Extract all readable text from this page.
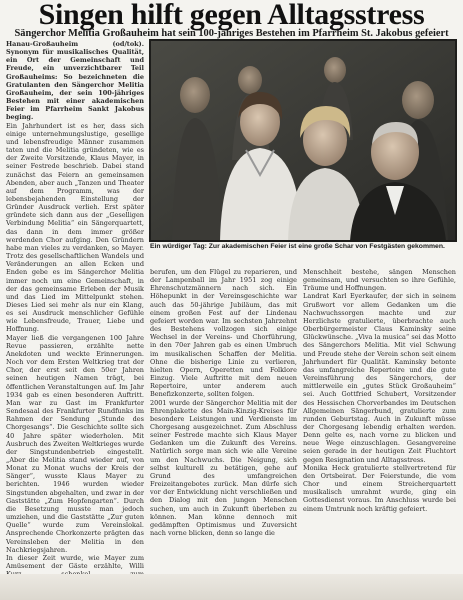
Singen hilft gegen Alltagsstress
Sängerchor Melitia Großauheim hat sein 100-jähriges Bestehen im Pfarrheim St. Jakobus gefeiert

Hanau-Großauheim (od/tok). Synonym für musikalisches Qualität, ein Ort der Gemeinschaft und Freude, ein unverzichtbarer Teil Großauheims: So bezeichneten die Gratulanten den Sängerchor Melitia Großauheim, der sein 100-jähriges Bestehen mit einer akademischen Feier im Pfarrheim Sankt Jakobus beging.

Ein Jahrhundert ist es her, dass sich einige unternehmungslustige, gesellige und lebensfreudige Männer zusammen taten und die Melitia gründeten, wie es der Zweite Vorsitzende, Klaus Mayer, in seiner Festrede beschrieb. Dabei stand zunächst das Feiern an gemeinsamen Abenden, aber auch „Tanzen und Theater auf dem Programm, was der lebensbejahenden Einstellung der Gründer Ausdruck verlieh. Erst später gründete sich dann aus der „Geselligen Verbindung Melitia“ ein Sängerquartett, das dann in dem immer größer werdenden Chor aufging. Den Gründern habe man vieles zu verdanken, so Mayer. Trotz des gesellschaftlichen Wandels und Veränderungen an allen Ecken und Enden gebe es im Sängerchor Melitia immer noch um eine Gemeinschaft, in der das gemeinsame Erleben der Musik und das Lied im Mittelpunkt stehen. Dieses Lied sei mehr als nur ein Klang, es sei Ausdruck menschlicher Gefühle wie Lebensfreude, Trauer, Liebe und Hoffnung.

Mayer ließ die vergangenen 100 Jahre Revue passieren, erzählte nette Anekdoten und weckte Erinnerungen. Noch vor dem Ersten Weltkrieg trat der Chor, der erst seit den 50er Jahren seinen heutigen Namen trägt, bei öffentlichen Veranstaltungen auf. Im Jahr 1934 gab es einen besonderen Auftritt. Man war zu Gast im Frankfurter Sendesaal des Frankfurter Rundfunks im Rahmen der Sendung „Stunde des Chorgesangs“. Die Geschichte sollte sich 40 Jahre später wiederholen. Mit Ausbruch des Zweiten Weltkrieges wurde der Singstundenbetrieb eingestellt. „Aber die Melitia stand wieder auf, von Monat zu Monat wuchs der Kreis der Sänger“, wusste Klaus Mayer zu berichten. 1946 wurden wieder Singstunden abgehalten, und zwar in der Gaststätte „Zum Hopfengarten“. Durch die Besetzung musste man jedoch umziehen, und die Gaststätte „Zur guten Quelle“ wurde zum Vereinslokal. Ansprechende Chorkonzerte prägten das Vereinsleben der Melitia in den Nachkriegsjahren.

In dieser Zeit wurde, wie Mayer zum Amüsement der Gäste erzählte, Willi

Ein würdiger Tag: Zur akademischen Feier ist eine große Schar von Festgästen gekommen.

berufen, um den Flügel zu reparieren, und der Lampenball im Jahr 1951 zog einige Ehrenschutzmännern nach sich. Ein Höhepunkt in der Vereinsgeschichte war auch das 50-jährige Jubiläum, das mit einem großen Fest auf der Lindenau gefeiert worden war. Im sechsten Jahrzehnt des Bestehens vollzogen sich einige Wechsel in der Vereins- und Chorführung, in den 70er Jahren gab es einen Umbruch im musikalischen Schaffen der Melitia. Ohne die bisherige Linie zu verlieren, hielten Opern, Operetten und Folklore Einzug. Viele Auftritte mit dem neuen Repertoire, unter anderem auch Benefizkonzerte, sollten folgen.

2001 wurde der Sängerchor Melitia mit der Ehrenplakette des Main-Kinzig-Kreises für besondere Leistungen und Verdienste im Chorgesang ausgezeichnet. Zum Abschluss seiner Festrede machte sich Klaus Mayer Gedanken um die Zukunft des Vereins. Natürlich sorge man sich wie alle Vereine um den Nachwuchs. Die Neigung, sich selbst kulturell zu betätigen, gehe auf Grund des umfangreichen Freizeitangebotes zurück. Man dürfe sich vor der Entwicklung nicht verschließen und den Dialog mit den jungen Menschen suchen, um auch in Zukunft überleben zu können. Man könne dennoch mit gedämpften Optimismus und Zuversicht nach vorne blicken, denn so lange die

Menschheit bestehe, sängen Menschen gemeinsam, und versuchten so ihre Gefühle, Träume und Hoffnungen.

Landrat Karl Eyerkaufer, der sich in seinem Grußwort vor allem Gedanken um die Nachwuchssorgen machte und zur Herzlichste gratulierte, überbrachte auch Oberbürgermeister Claus Kaminsky seine Glückwünsche. „Viva la musica“ sei das Motto des Sängerchors Melitia. Mit viel Schwung und Freude stehe der Verein schon seit einem Jahrhundert für Qualität. Kaminsky betonte das umfangreiche Repertoire und die gute Vereinsführung des Sängerchors, der mittlerweile ein „gutes Stück Großauheim“ sei. Auch Gottfried Schubert, Vorsitzender des Hessischen Chorverbandes im Deutschen Allgemeinen Sängerbund, gratulierte zum runden Geburtstag. Auch in Zukunft müsse der Chorgesang lebendig erhalten werden. Denn gelte es, nach vorne zu blicken und neue Wege einzuschlagen. Gesangvereine seien gerade in der heutigen Zeit Fluchtort gegen Resignation und Alltagsstress.

Monika Heck gratulierte stellvertretend für den Ortsbeirat. Der Feierstunde, die vom Chor und einem Streicherquartett musikalisch umrahmt wurde, ging ein Gottesdienst voraus. Im Anschluss wurde bei einem Umtrunk noch kräftig gefeiert.
